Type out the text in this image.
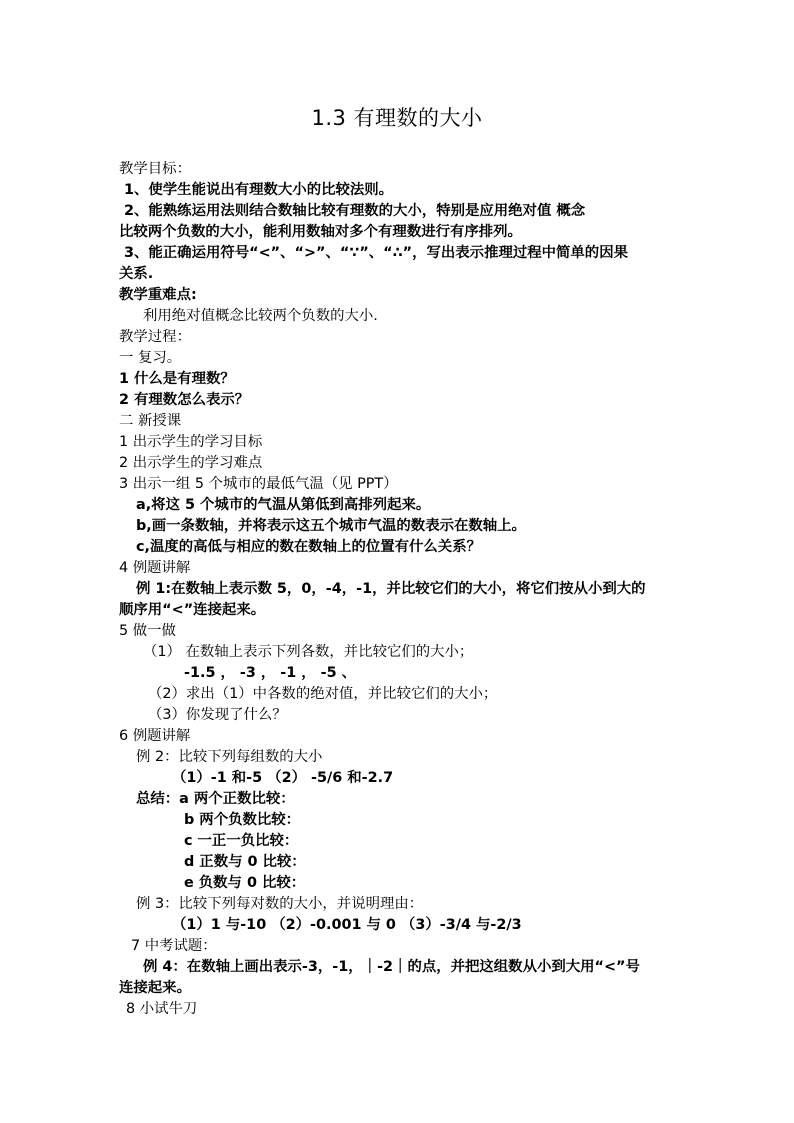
1.3 有理数的大小
教学目标：
1、使学生能说出有理数大小的比较法则。
2、能熟练运用法则结合数轴比较有理数的大小，特别是应用绝对值 概念
比较两个负数的大小，能利用数轴对多个有理数进行有序排列。
3、能正确运用符号“<”、“>”、“∵”、“∴”，写出表示推理过程中简单的因果
关系.
教学重难点:
利用绝对值概念比较两个负数的大小.
教学过程：
一 复习。
1 什么是有理数？
2 有理数怎么表示？
二 新授课
1 出示学生的学习目标
2 出示学生的学习难点
3 出示一组 5 个城市的最低气温（见 PPT）
a,将这 5 个城市的气温从第低到高排列起来。
b,画一条数轴，并将表示这五个城市气温的数表示在数轴上。
c,温度的高低与相应的数在数轴上的位置有什么关系？
4 例题讲解
例 1:在数轴上表示数 5，0，-4，-1，并比较它们的大小，将它们按从小到大的
顺序用“<”连接起来。
5 做一做
（1） 在数轴上表示下列各数，并比较它们的大小；
-1.5 ， -3 ， -1 ， -5 、
（2）求出（1）中各数的绝对值，并比较它们的大小；
（3）你发现了什么？
6 例题讲解
例 2：比较下列每组数的大小
（1）-1 和-5 （2） -5/6 和-2.7
总结：a 两个正数比较：
b 两个负数比较：
c 一正一负比较：
d 正数与 0 比较：
e 负数与 0 比较：
例 3：比较下列每对数的大小，并说明理由：
（1）1 与-10 （2）-0.001 与 0 （3）-3/4 与-2/3
7 中考试题：
例 4：在数轴上画出表示-3，-1，｜-2｜的点，并把这组数从小到大用“<”号
连接起来。
8 小试牛刀
